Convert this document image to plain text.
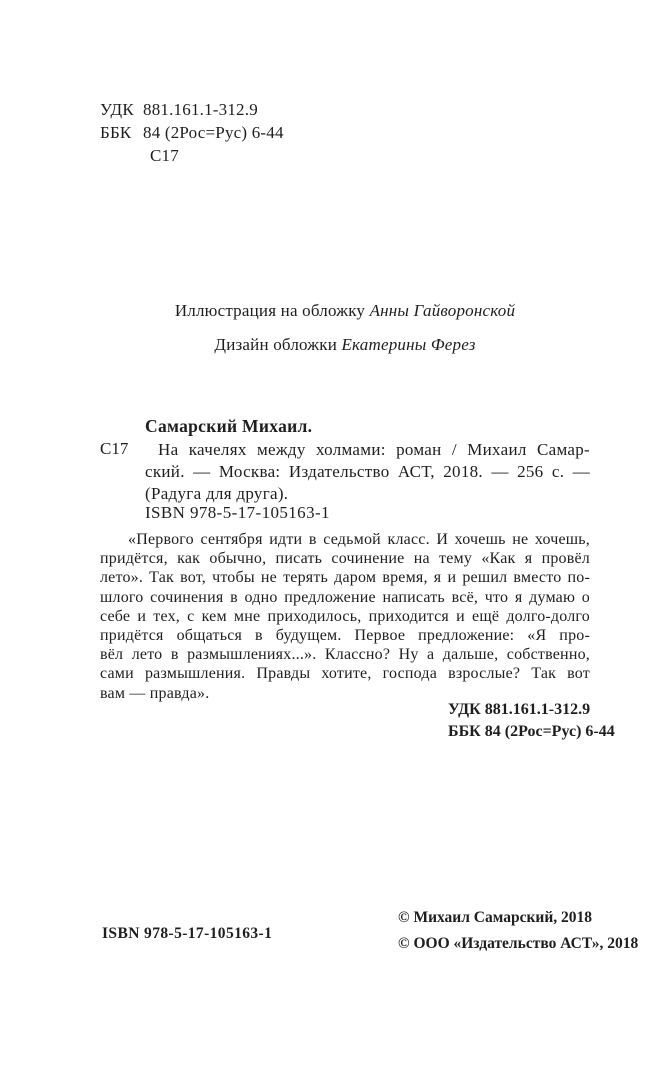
УДК 881.161.1-312.9
ББК 84 (2Рос=Рус) 6-44
С17
Иллюстрация на обложку Анны Гайворонской
Дизайн обложки Екатерины Ферез
Самарский Михаил.
С17	На качелях между холмами: роман / Михаил Самар-
ский. — Москва: Издательство АСТ, 2018. — 256 с. —
(Радуга для друга).
ISBN 978-5-17-105163-1
«Первого сентября идти в седьмой класс. И хочешь не хочешь,
придётся, как обычно, писать сочинение на тему «Как я провёл
лето». Так вот, чтобы не терять даром время, я и решил вместо по-
шлого сочинения в одно предложение написать всё, что я думаю о
себе и тех, с кем мне приходилось, приходится и ещё долго-долго
придётся общаться в будущем. Первое предложение: «Я про-
вёл лето в размышлениях...». Классно? Ну а дальше, собственно,
сами размышления. Правды хотите, господа взрослые? Так вот
вам — правда».
УДК 881.161.1-312.9
ББК 84 (2Рос=Рус) 6-44
ISBN 978-5-17-105163-1
© Михаил Самарский, 2018
© ООО «Издательство АСТ», 2018
